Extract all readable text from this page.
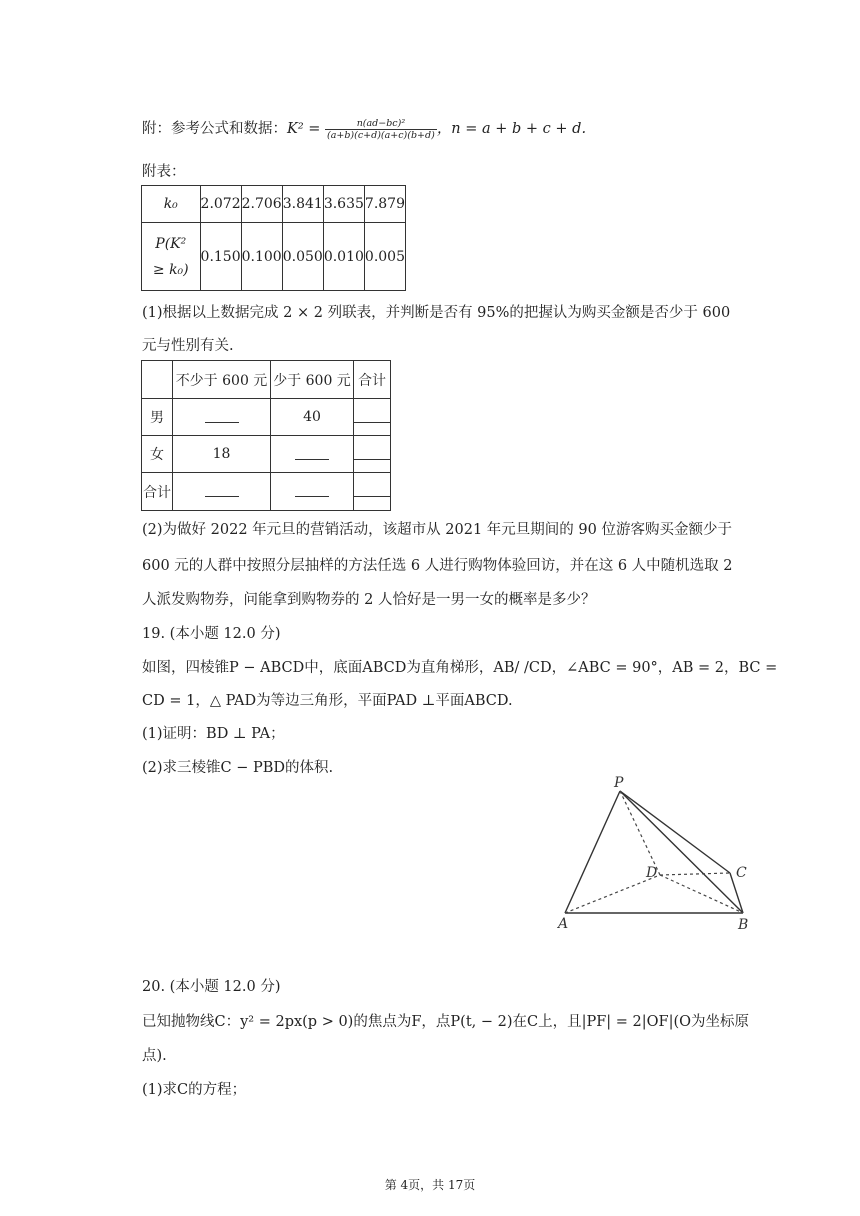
附：参考公式和数据：$K^2 = \frac{\text{n(ad−bc)²}}{(a+b)(c+d)(a+c)(b+d)}$ ，n = a + b + c + d.
附表：
k₀	2.072	2.706	3.841	3.635	7.879

P(K²
≥ k₀)	0.150	0.100	0.050	0.010	0.005
(1)根据以上数据完成 2 × 2 列联表，并判断是否有 95%的把握认为购买金额是否少于 600
元与性别有关.
	不少于 600 元	少于 600 元	合计
男		40	
女	18		
合计			
(2)为做好 2022 年元旦的营销活动，该超市从 2021 年元旦期间的 90 位游客购买金额少于
600 元的人群中按照分层抽样的方法任选 6 人进行购物体验回访，并在这 6 人中随机选取 2
人派发购物券，问能拿到购物券的 2 人恰好是一男一女的概率是多少？
19. (本小题 12.0 分)
如图，四棱锥P − ABCD中，底面ABCD为直角梯形，AB/ /CD，∠ABC = 90°，AB = 2，BC =
CD = 1，△ PAD为等边三角形，平面PAD ⊥平面ABCD.
(1)证明：BD ⊥ PA；
(2)求三棱锥C − PBD的体积.
P
A	B
C
D
20. (本小题 12.0 分)
已知抛物线C：y² = 2px(p > 0)的焦点为F，点P(t, − 2)在C上，且|PF| = 2|OF|(O为坐标原
点).
(1)求C的方程；
第 4页，共 17页
